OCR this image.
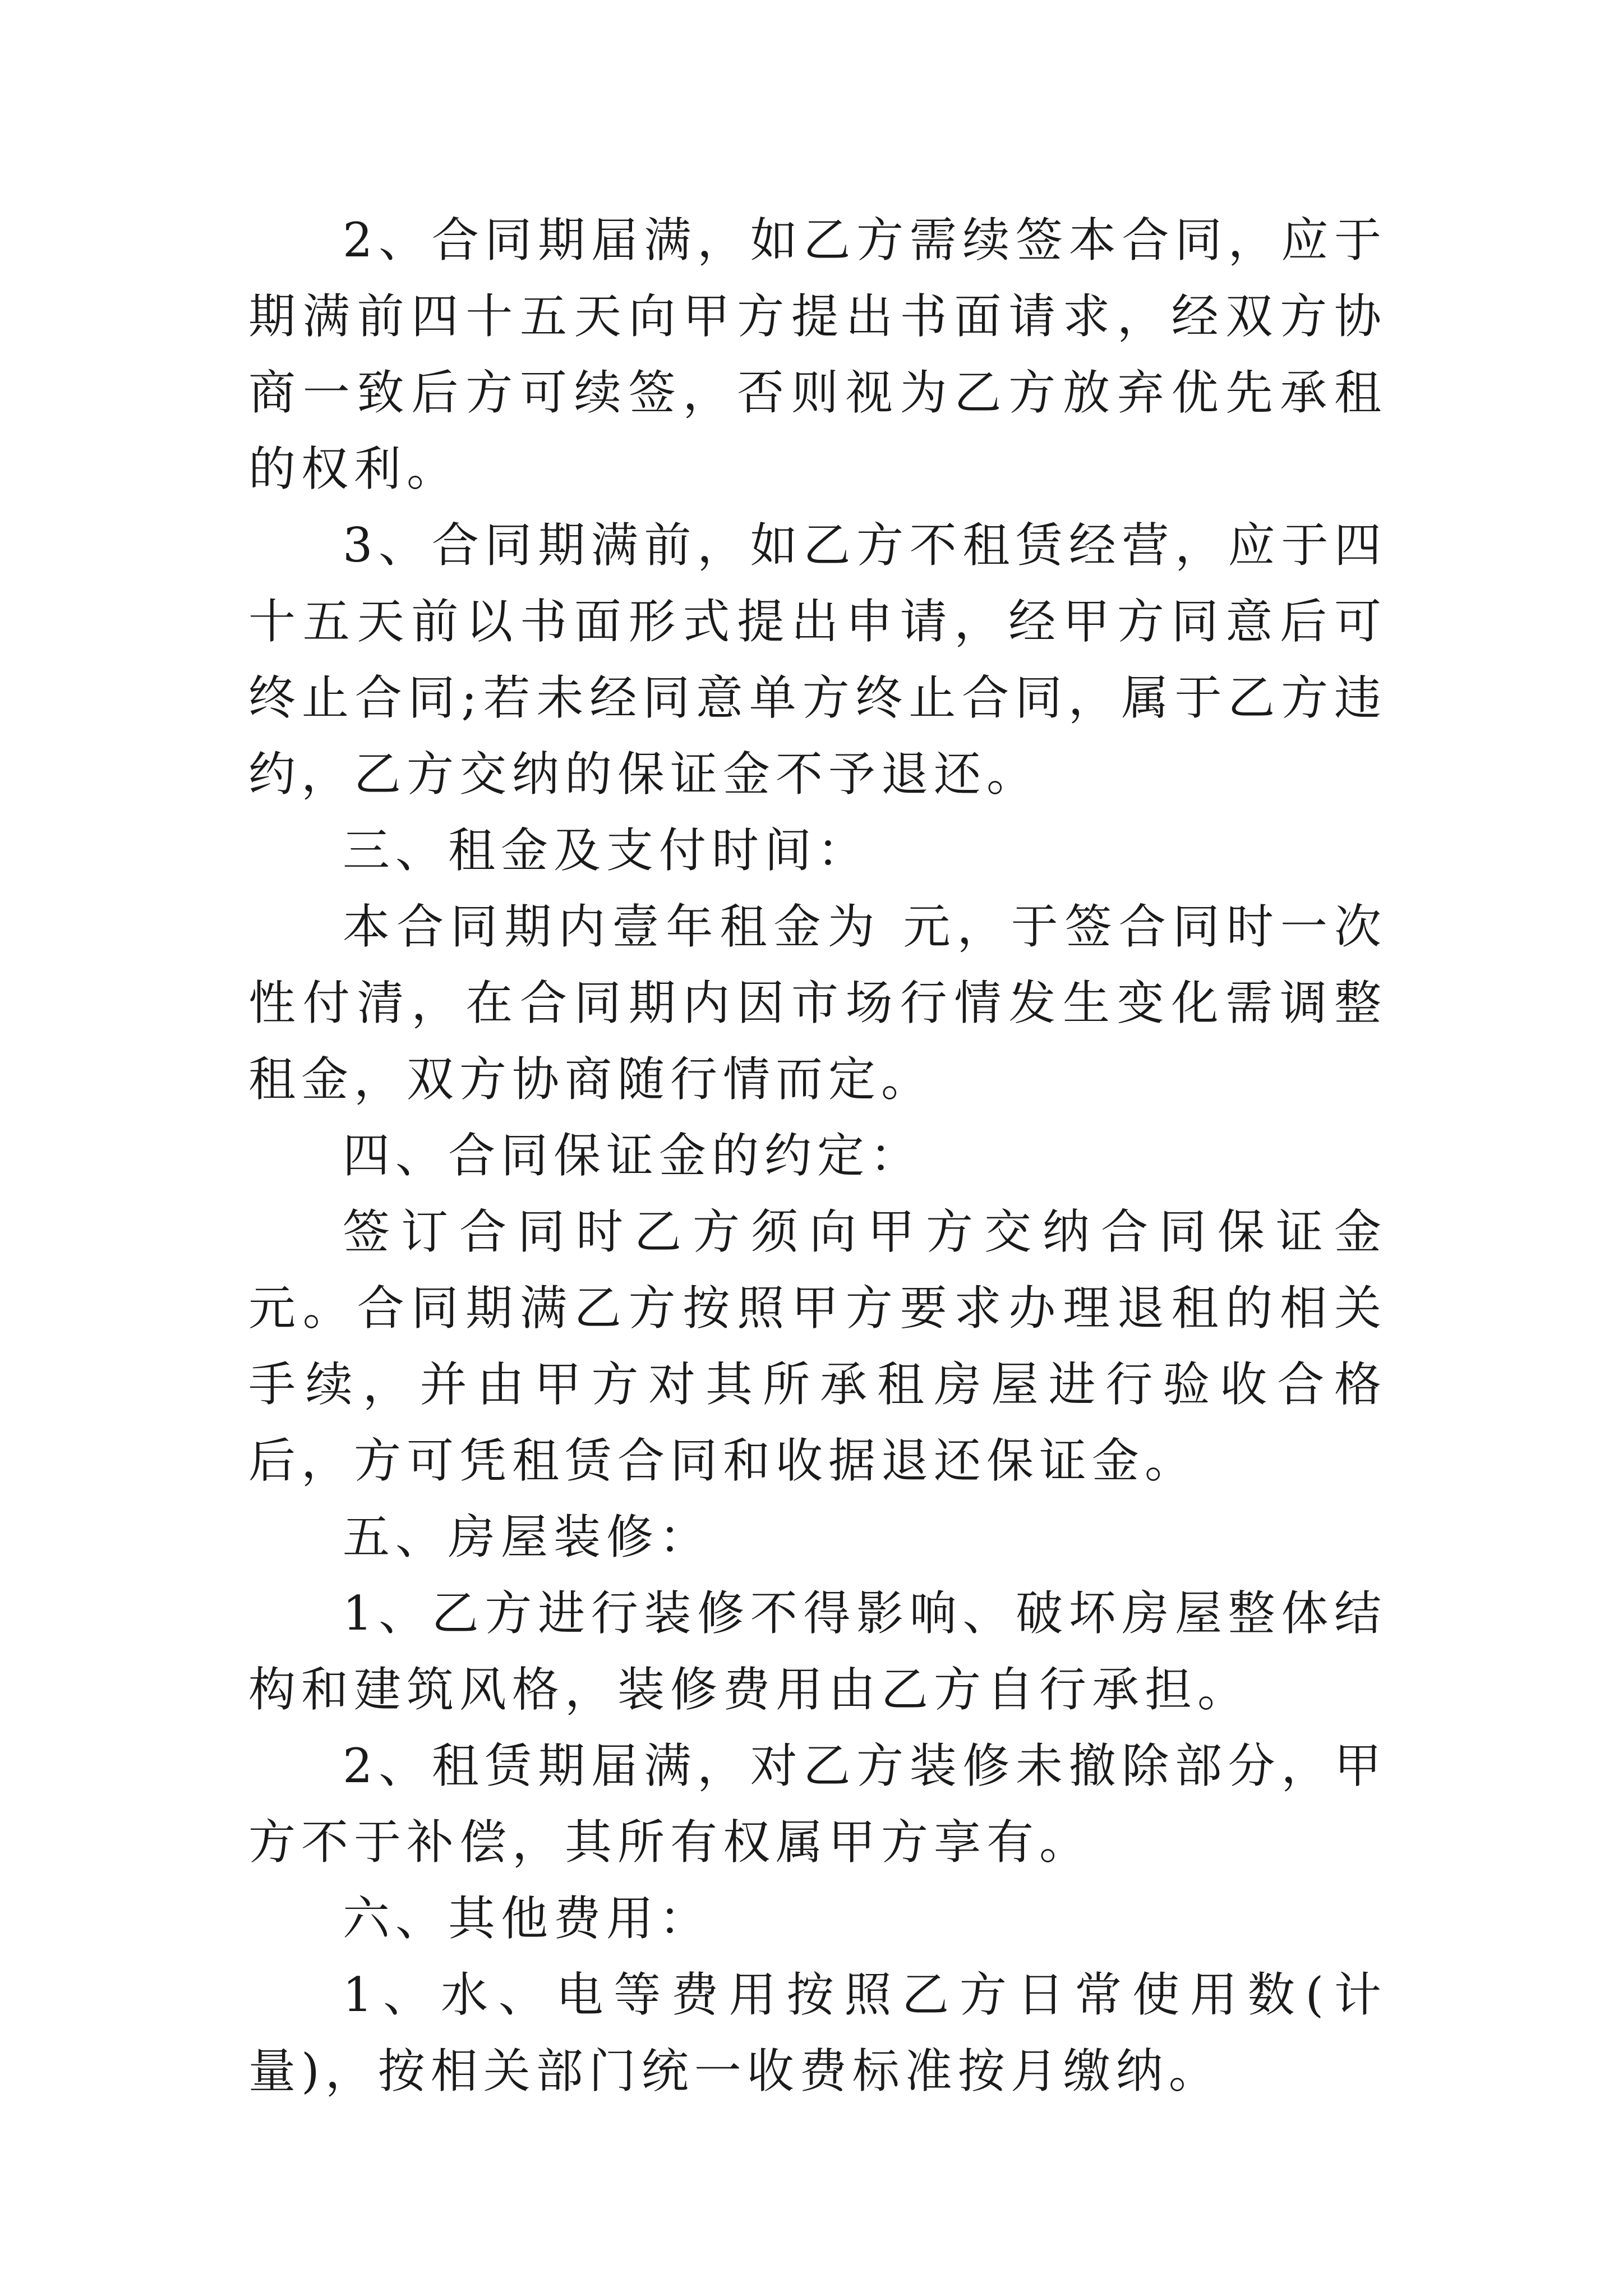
2、合同期届满，如乙方需续签本合同，应于期满前四十五天向甲方提出书面请求，经双方协商一致后方可续签，否则视为乙方放弃优先承租的权利。

3、合同期满前，如乙方不租赁经营，应于四十五天前以书面形式提出申请，经甲方同意后可终止合同;若未经同意单方终止合同，属于乙方违约，乙方交纳的保证金不予退还。

三、租金及支付时间：

本合同期内壹年租金为 元，于签合同时一次性付清，在合同期内因市场行情发生变化需调整租金，双方协商随行情而定。

四、合同保证金的约定：

签订合同时乙方须向甲方交纳合同保证金 元。合同期满乙方按照甲方要求办理退租的相关手续，并由甲方对其所承租房屋进行验收合格后，方可凭租赁合同和收据退还保证金。

五、房屋装修：

1、乙方进行装修不得影响、破坏房屋整体结构和建筑风格，装修费用由乙方自行承担。

2、租赁期届满，对乙方装修未撤除部分，甲方不于补偿，其所有权属甲方享有。

六、其他费用：

1、水、电等费用按照乙方日常使用数(计量)，按相关部门统一收费标准按月缴纳。
